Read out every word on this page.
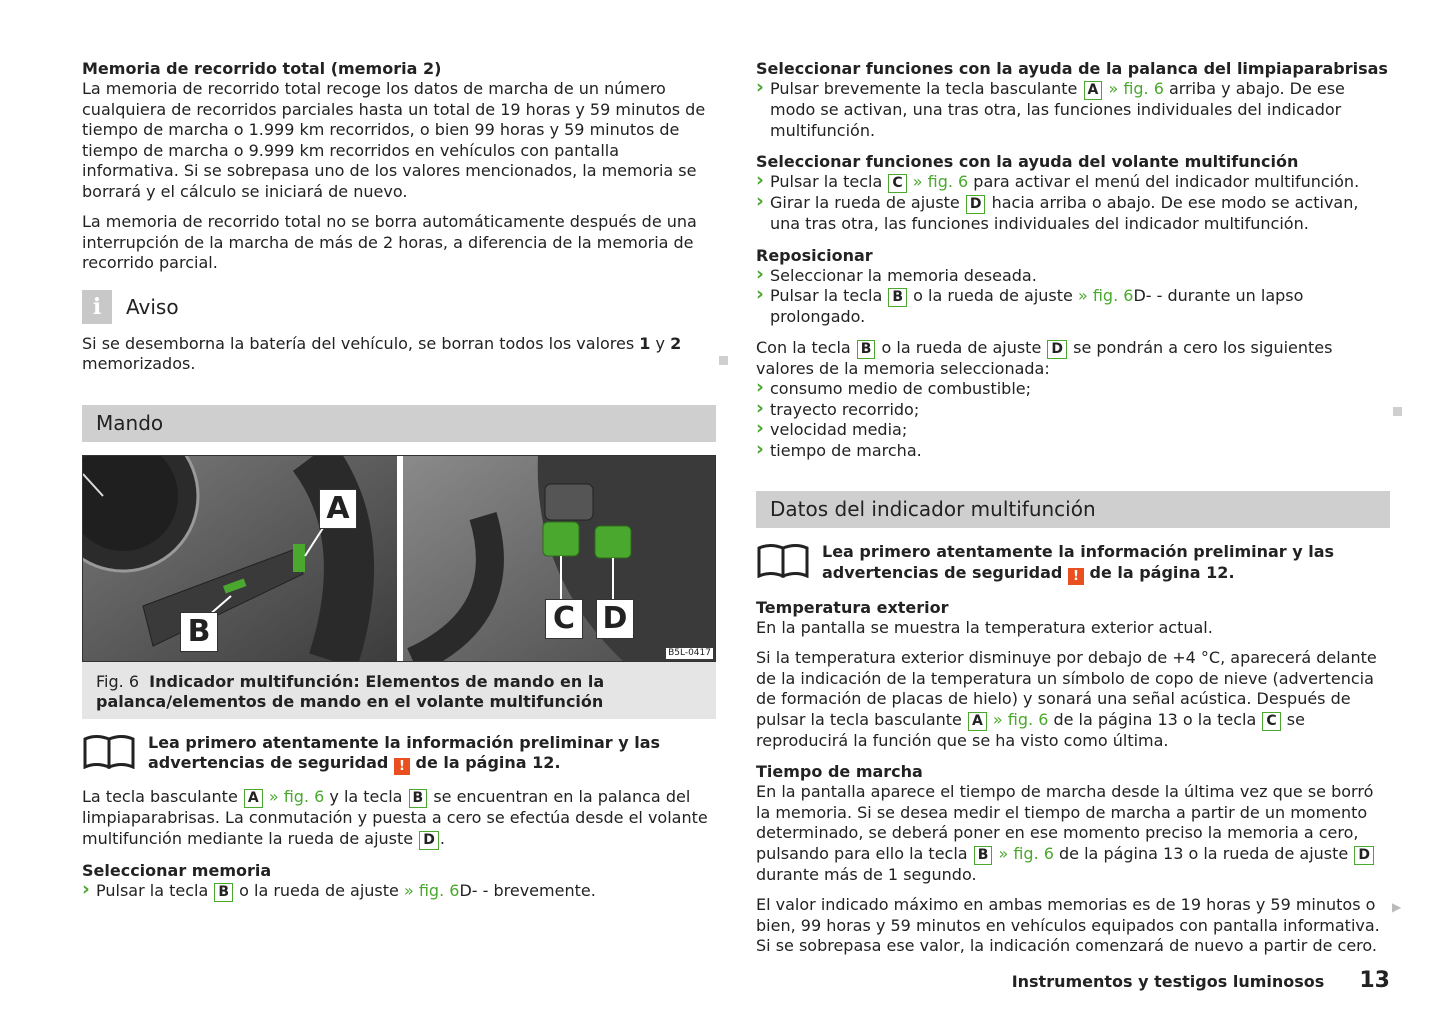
Memoria de recorrido total (memoria 2)

La memoria de recorrido total recoge los datos de marcha de un número cualquiera de recorridos parciales hasta un total de 19 horas y 59 minutos de tiempo de marcha o 1.999 km recorridos, o bien 99 horas y 59 minutos de tiempo de marcha o 9.999 km recorridos en vehículos con pantalla informativa. Si se sobrepasa uno de los valores mencionados, la memoria se borrará y el cálculo se iniciará de nuevo.

La memoria de recorrido total no se borra automáticamente después de una interrupción de la marcha de más de 2 horas, a diferencia de la memoria de recorrido parcial.

i	Aviso

Si se desemborna la batería del vehículo, se borran todos los valores 1 y 2 memorizados.

Mando
A
B	C D
B5L-0417
Fig. 6 Indicador multifunción: Elementos de mando en la palanca/elementos de mando en el volante multifunción
Lea primero atentamente la información preliminar y las advertencias de seguridad ! de la página 12.

La tecla basculante A » fig. 6 y la tecla B se encuentran en la palanca del limpiaparabrisas. La conmutación y puesta a cero se efectúa desde el volante multifunción mediante la rueda de ajuste D .

Seleccionar memoria

› Pulsar la tecla B o la rueda de ajuste » fig. 6D- - brevemente.

Seleccionar funciones con la ayuda de la palanca del limpiaparabrisas

› Pulsar brevemente la tecla basculante A » fig. 6 arriba y abajo. De ese modo se activan, una tras otra, las funciones individuales del indicador multifunción.

Seleccionar funciones con la ayuda del volante multifunción

› Pulsar la tecla C » fig. 6 para activar el menú del indicador multifunción.

› Girar la rueda de ajuste D hacia arriba o abajo. De ese modo se activan, una tras otra, las funciones individuales del indicador multifunción.

Reposicionar

› Seleccionar la memoria deseada.

› Pulsar la tecla B o la rueda de ajuste » fig. 6D- - durante un lapso prolongado.

Con la tecla B o la rueda de ajuste D se pondrán a cero los siguientes valores de la memoria seleccionada:

› consumo medio de combustible;

› trayecto recorrido;

› velocidad media;

› tiempo de marcha.

Datos del indicador multifunción
Lea primero atentamente la información preliminar y las advertencias de seguridad ! de la página 12.

Temperatura exterior

En la pantalla se muestra la temperatura exterior actual.

Si la temperatura exterior disminuye por debajo de +4 °C, aparecerá delante de la indicación de la temperatura un símbolo de copo de nieve (advertencia de formación de placas de hielo) y sonará una señal acústica. Después de pulsar la tecla basculante A » fig. 6 de la página 13 o la tecla C se reproducirá la función que se ha visto como última.

Tiempo de marcha

En la pantalla aparece el tiempo de marcha desde la última vez que se borró la memoria. Si se desea medir el tiempo de marcha a partir de un momento determinado, se deberá poner en ese momento preciso la memoria a cero, pulsando para ello la tecla B » fig. 6 de la página 13 o la rueda de ajuste D durante más de 1 segundo.

El valor indicado máximo en ambas memorias es de 19 horas y 59 minutos o bien, 99 horas y 59 minutos en vehículos equipados con pantalla informativa. Si se sobrepasa ese valor, la indicación comenzará de nuevo a partir de cero.

▶
Instrumentos y testigos luminosos 13
